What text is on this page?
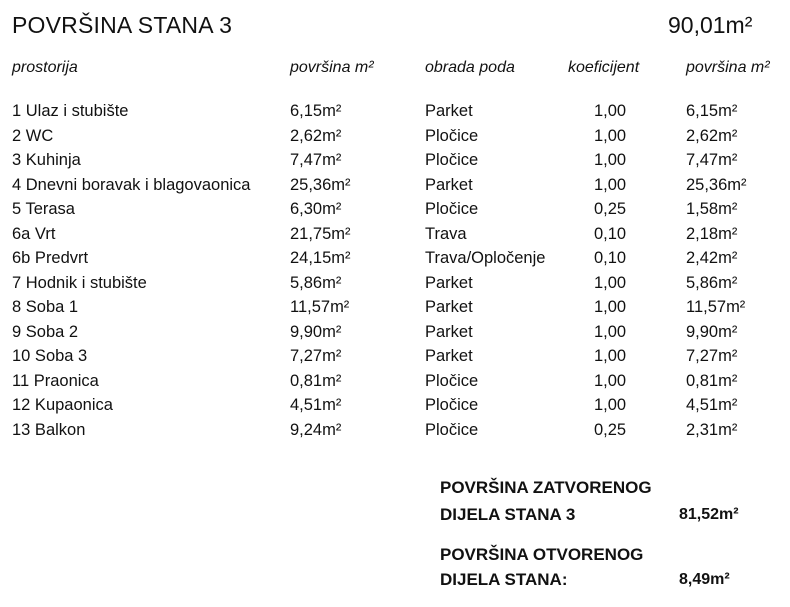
POVRŠINA STANA 3	90,01m²
prostorija	površina m²	obrada poda	koeficijent	površina m²
1 Ulaz i stubište	6,15m²	Parket	1,00	6,15m²
2 WC	2,62m²	Pločice	1,00	2,62m²
3 Kuhinja	7,47m²	Pločice	1,00	7,47m²
4 Dnevni boravak i blagovaonica 25,36m²	Parket	1,00	25,36m²
5 Terasa	6,30m²	Pločice	0,25	1,58m²
6a Vrt	21,75m²	Trava	0,10	2,18m²
6b Predvrt	24,15m²	Trava/Opločenje	0,10	2,42m²
7 Hodnik i stubište	5,86m²	Parket	1,00	5,86m²
8 Soba 1	11,57m²	Parket	1,00	11,57m²
9 Soba 2	9,90m²	Parket	1,00	9,90m²
10 Soba 3	7,27m²	Parket	1,00	7,27m²
11 Praonica	0,81m²	Pločice	1,00	0,81m²
12 Kupaonica	4,51m²	Pločice	1,00	4,51m²
13 Balkon	9,24m²	Pločice	0,25	2,31m²
POVRŠINA ZATVORENOG
DIJELA STANA 3	81,52m²
POVRŠINA OTVORENOG
DIJELA STANA:	8,49m²
